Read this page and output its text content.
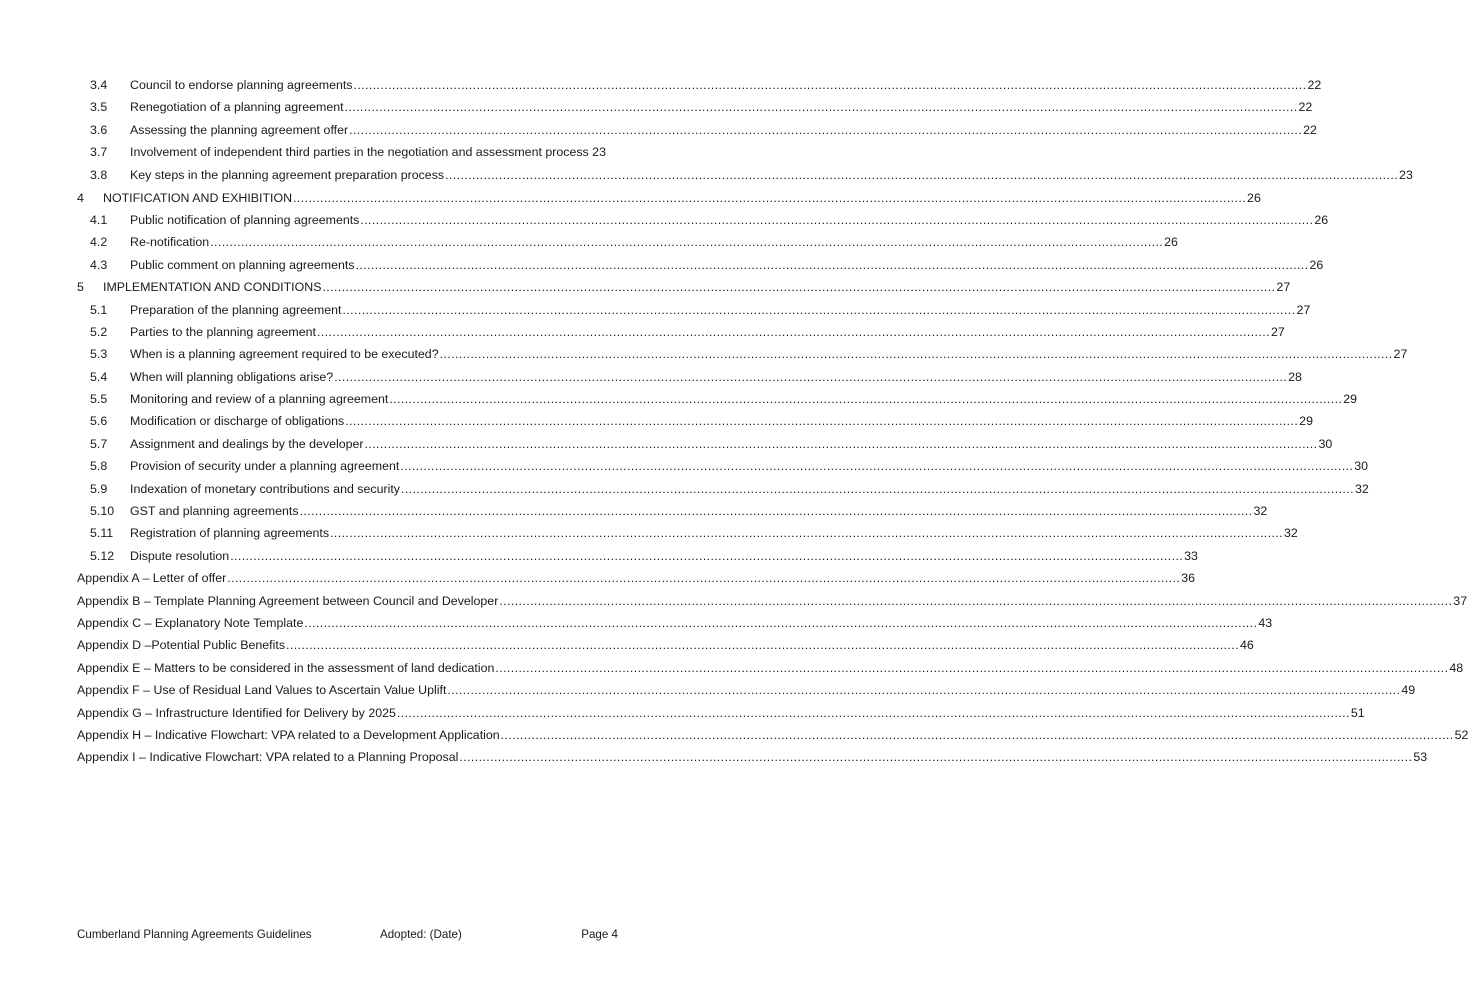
3.4	Council to endorse planning agreements .....	22
3.5	Renegotiation of a planning agreement .....	22
3.6	Assessing the planning agreement offer .....	22
3.7 Involvement of independent third parties in the negotiation and assessment process 23
3.8	Key steps in the planning agreement preparation process .....	23
4	NOTIFICATION AND EXHIBITION .....	26
4.1	Public notification of planning agreements .....	26
4.2	Re-notification .....	26
4.3	Public comment on planning agreements .....	26
5	IMPLEMENTATION AND CONDITIONS .....	27
5.1	Preparation of the planning agreement .....	27
5.2	Parties to the planning agreement .....	27
5.3	When is a planning agreement required to be executed? .....	27
5.4	When will planning obligations arise? .....	28
5.5	Monitoring and review of a planning agreement .....	29
5.6	Modification or discharge of obligations .....	29
5.7	Assignment and dealings by the developer .....	30
5.8	Provision of security under a planning agreement .....	30
5.9	Indexation of monetary contributions and security .....	32
5.10	GST and planning agreements .....	32
5.11	Registration of planning agreements .....	32
5.12	Dispute resolution .....	33
Appendix A – Letter of offer .....	36
Appendix B – Template Planning Agreement between Council and Developer .....	37
Appendix C – Explanatory Note Template .....	43
Appendix D –Potential Public Benefits .....	46
Appendix E – Matters to be considered in the assessment of land dedication .....	48
Appendix F – Use of Residual Land Values to Ascertain Value Uplift .....	49
Appendix G – Infrastructure Identified for Delivery by 2025 .....	51
Appendix H – Indicative Flowchart: VPA related to a Development Application .....	52
Appendix I – Indicative Flowchart: VPA related to a Planning Proposal .....	53
Cumberland Planning Agreements Guidelines	Adopted: (Date)	Page 4
